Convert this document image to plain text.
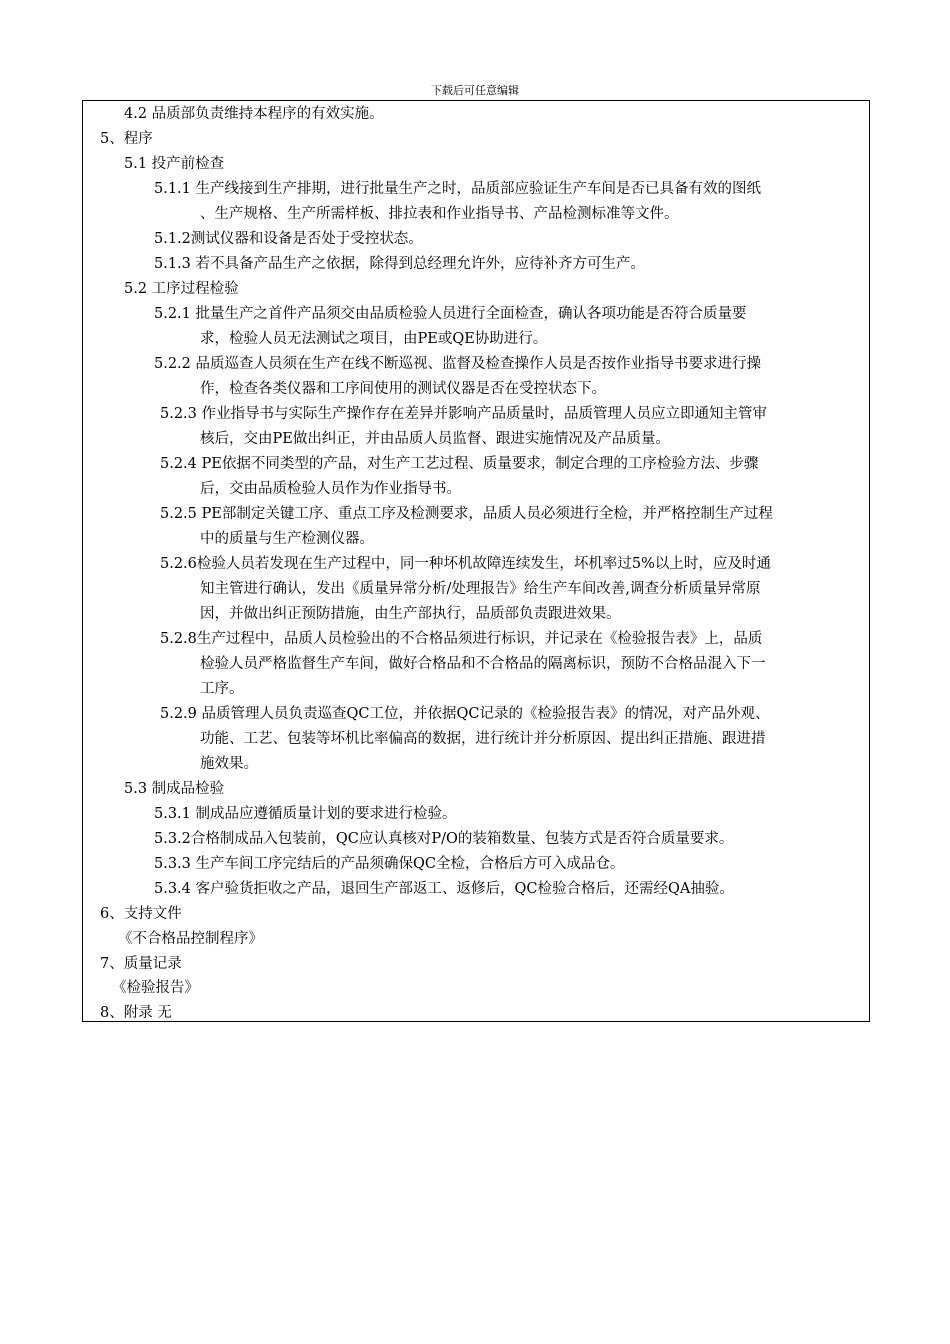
下载后可任意编辑
4.2 品质部负责维持本程序的有效实施。
5、程序
5.1 投产前检查
5.1.1 生产线接到生产排期，进行批量生产之时，品质部应验证生产车间是否已具备有效的图纸
、生产规格、生产所需样板、排拉表和作业指导书、产品检测标准等文件。
5.1.2测试仪器和设备是否处于受控状态。
5.1.3 若不具备产品生产之依据，除得到总经理允许外，应待补齐方可生产。
5.2 工序过程检验
5.2.1 批量生产之首件产品须交由品质检验人员进行全面检查，确认各项功能是否符合质量要
求，检验人员无法测试之项目，由PE或QE协助进行。
5.2.2 品质巡查人员须在生产在线不断巡视、监督及检查操作人员是否按作业指导书要求进行操
作，检查各类仪器和工序间使用的测试仪器是否在受控状态下。
5.2.3 作业指导书与实际生产操作存在差异并影响产品质量时，品质管理人员应立即通知主管审
核后，交由PE做出纠正，并由品质人员监督、跟进实施情况及产品质量。
5.2.4 PE依据不同类型的产品，对生产工艺过程、质量要求，制定合理的工序检验方法、步骤
后，交由品质检验人员作为作业指导书。
5.2.5 PE部制定关键工序、重点工序及检测要求，品质人员必须进行全检，并严格控制生产过程
中的质量与生产检测仪器。
5.2.6检验人员若发现在生产过程中，同一种坏机故障连续发生，坏机率过5%以上时，应及时通
知主管进行确认，发出《质量异常分析/处理报告》给生产车间改善,调查分析质量异常原
因，并做出纠正预防措施，由生产部执行，品质部负责跟进效果。
5.2.8生产过程中，品质人员检验出的不合格品须进行标识，并记录在《检验报告表》上，品质
检验人员严格监督生产车间，做好合格品和不合格品的隔离标识，预防不合格品混入下一
工序。
5.2.9 品质管理人员负责巡查QC工位，并依据QC记录的《检验报告表》的情况，对产品外观、
功能、工艺、包装等坏机比率偏高的数据，进行统计并分析原因、提出纠正措施、跟进措
施效果。
5.3 制成品检验
5.3.1 制成品应遵循质量计划的要求进行检验。
5.3.2合格制成品入包装前，QC应认真核对P/O的装箱数量、包装方式是否符合质量要求。
5.3.3 生产车间工序完结后的产品须确保QC全检，合格后方可入成品仓。
5.3.4 客户验货拒收之产品，退回生产部返工、返修后，QC检验合格后，还需经QA抽验。
6、支持文件
《不合格品控制程序》
7、质量记录
《检验报告》
8、附录 无
